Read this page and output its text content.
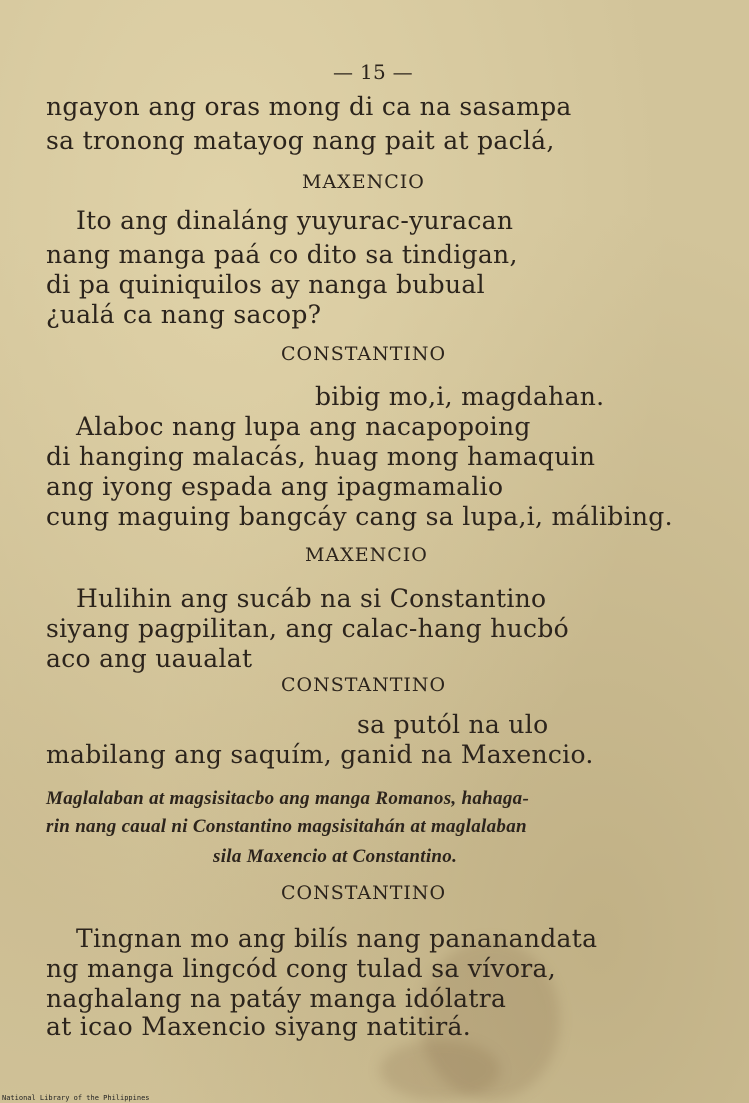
— 15 —
ngayon ang oras mong di ca na sasampa
sa tronong matayog nang pait at paclá,
MAXENCIO
Ito ang dinaláng yuyurac-yuracan
nang manga paá co dito sa tindigan,
di pa quiniquilos ay nanga bubual
¿ualá ca nang sacop?
CONSTANTINO
bibig mo,i, magdahan.
Alaboc nang lupa ang nacapopoing
di hanging malacás, huag mong hamaquin
ang iyong espada ang ipagmamalio
cung maguing bangcáy cang sa lupa,i, málibing.
MAXENCIO
Hulihin ang sucáb na si Constantino
siyang pagpilitan, ang calac-hang hucbó
aco ang uaualat
CONSTANTINO
sa putól na ulo
mabilang ang saquím, ganid na Maxencio.
Maglalaban at magsisitacbo ang manga Romanos, hahaga-
rin nang caual ni Constantino magsisitahán at maglalaban
sila Maxencio at Constantino.
CONSTANTINO
Tingnan mo ang bilís nang pananandata
ng manga lingcód cong tulad sa vívora,
naghalang na patáy manga idólatra
at icao Maxencio siyang natitirá.
National Library of the Philippines
